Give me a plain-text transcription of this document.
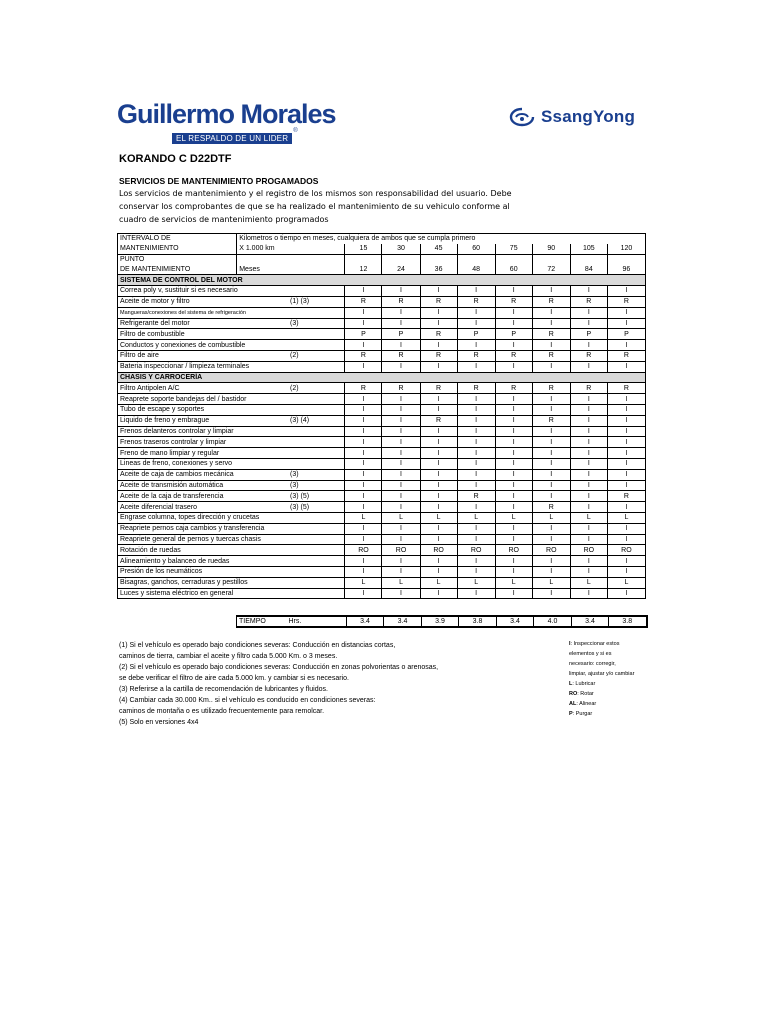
Guillermo Morales
EL RESPALDO DE UN LIDER®
SsangYong
KORANDO C D22DTF
SERVICIOS DE MANTENIMIENTO PROGAMADOS
Los servicios de mantenimiento y el registro de los mismos son responsabilidad del usuario. Debe conservar los comprobantes de que se ha realizado el mantenimiento de su vehiculo conforme al cuadro de servicios de mantenimiento programados
INTERVALO DE	Kilometros o tiempo en meses, cualquiera de ambos que se cumpla primero								
MANTENIMIENTO	X 1.000 km	15	30	45	60	75	90	105	120
PUNTO									
DE MANTENIMIENTO	Meses	12	24	36	48	60	72	84	96
SISTEMA DE CONTROL DEL MOTOR									
Correa poly v, sustituir si es necesario		I	I	I	I	I	I	I	I
Aceite de motor y filtro (1) (3)		R	R	R	R	R	R	R	R
Mangueras/conexiones del sistema de refrigeración		I	I	I	I	I	I	I	I
Refrigerante del motor (3)		I	I	I	I	I	I	I	I
Filtro de combustible		P	P	R	P	P	R	P	P
Conductos y conexiones de combustible		I	I	I	I	I	I	I	I
Filtro de aire (2)		R	R	R	R	R	R	R	R
Bateria inspeccionar / limpieza terminales		I	I	I	I	I	I	I	I
CHASIS Y CARROCERÍA									
Filtro Antipolen A/C (2)		R	R	R	R	R	R	R	R
Reaprete soporte bandejas del / bastidor		I	I	I	I	I	I	I	I
Tubo de escape y soportes		I	I	I	I	I	I	I	I
Liquido de freno y embrague (3) (4)		I	I	R	I	I	R	I	I
Frenos delanteros controlar y limpiar		I	I	I	I	I	I	I	I
Frenos traseros controlar y limpiar		I	I	I	I	I	I	I	I
Freno de mano limpiar y regular		I	I	I	I	I	I	I	I
Lineas de freno, conexiones y servo		I	I	I	I	I	I	I	I
Aceite de caja de cambios mecánica (3)		I	I	I	I	I	I	I	I
Aceite de transmisión automática (3)		I	I	I	I	I	I	I	I
Aceite de la caja de transferencia (3) (5)		I	I	I	R	I	I	I	R
Aceite diferencial trasero (3) (5)		I	I	I	I	I	R	I	I
Engrase columna, topes dirección y crucetas		L	L	L	L	L	L	L	L
Reapriete pernos caja cambios y transferencia		I	I	I	I	I	I	I	I
Reapriete general de pernos y tuercas chasis		I	I	I	I	I	I	I	I
Rotación de ruedas		RO	RO	RO	RO	RO	RO	RO	RO
Alineamiento y balanceo de ruedas		I	I	I	I	I	I	I	I
Presión de los neumáticos		I	I	I	I	I	I	I	I
Bisagras, ganchos, cerraduras y pestillos		L	L	L	L	L	L	L	L
Luces y sistema eléctrico en general		I	I	I	I	I	I	I	I
TIEMPO	Hrs.	3.4	3.4	3.9	3.8	3.4	4.0	3.4	3.8
(1) Si el vehículo es operado bajo condiciones severas: Conducción en distancias cortas,
caminos de tierra, cambiar el aceite y filtro cada 5.000 Km. o 3 meses.
(2) Si el vehículo es operado bajo condiciones severas: Conducción en zonas polvorientas o arenosas,
se debe verificar el filtro de aire cada 5.000 km. y cambiar si es necesario.
(3) Referirse a la cartilla de recomendación de lubricantes y fluidos.
(4) Cambiar cada 30.000 Km.. si el vehículo es conducido en condiciones severas:
caminos de montaña o es utilizado frecuentemente para remolcar.
(5) Solo en versiones 4x4
I: Inspeccionar estos
elementos y si es
necesario: corregir,
limpiar, ajustar y/o cambiar
L: Lubricar
RO: Rotar
AL: Alinear
P: Purgar
